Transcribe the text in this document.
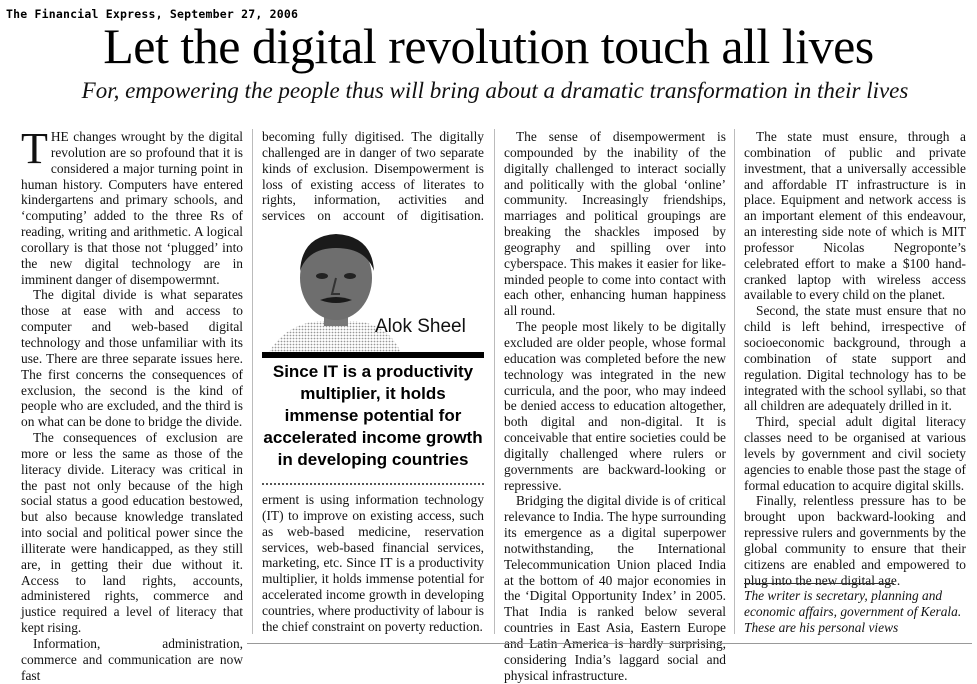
The Financial Express, September 27, 2006
Let the digital revolution touch all lives
For, empowering the people thus will bring about a dramatic transformation in their lives

THE changes wrought by the digital revolution are so profound that it is considered a major turning point in human history. Computers have entered kindergartens and primary schools, and ‘computing’ added to the three Rs of reading, writing and arithmetic. A logical corollary is that those not ‘plugged’ into the new digital technology are in imminent danger of disempowermnt.

The digital divide is what separates those at ease with and access to computer and web-based digital technology and those unfamiliar with its use. There are three separate issues here. The first concerns the consequences of exclusion, the second is the kind of people who are excluded, and the third is on what can be done to bridge the divide.

The consequences of exclusion are more or less the same as those of the literacy divide. Literacy was critical in the past not only because of the high social status a good education bestowed, but also because knowledge translated into social and political power since the illiterate were handicapped, as they still are, in getting their due without it. Access to land rights, accounts, administered rights, commerce and justice required a level of literacy that kept rising.

Information, administration, commerce and communication are now fast

becoming fully digitised. The digitally challenged are in danger of two separate kinds of exclusion. Disempowerment is loss of existing access of literates to rights, information, activities and services on account of digitisation.

Alok Sheel
Since IT is a productivity multiplier, it holds immense potential for accelerated income growth in developing countries

erment is using information technology (IT) to improve on existing access, such as web-based medicine, reservation services, web-based financial services, marketing, etc. Since IT is a productivity multiplier, it holds immense potential for accelerated income growth in developing countries, where productivity of labour is the chief constraint on poverty reduction.

The sense of disempowerment is compounded by the inability of the digitally challenged to interact socially and politically with the global ‘online’ community. Increasingly friendships, marriages and political groupings are breaking the shackles imposed by geography and spilling over into cyberspace. This makes it easier for like-minded people to come into contact with each other, enhancing human happiness all round.

The people most likely to be digitally excluded are older people, whose formal education was completed before the new technology was integrated in the new curricula, and the poor, who may indeed be denied access to education altogether, both digital and non-digital. It is conceivable that entire societies could be digitally challenged where rulers or governments are backward-looking or repressive.

Bridging the digital divide is of critical relevance to India. The hype surrounding its emergence as a digital superpower notwithstanding, the International Telecommunication Union placed India at the bottom of 40 major economies in the ‘Digital Opportunity Index’ in 2005. That India is ranked below several countries in East Asia, Eastern Europe and Latin America is hardly surprising, considering India’s laggard social and physical infrastructure.

The state must ensure, through a combination of public and private investment, that a universally accessible and affordable IT infrastructure is in place. Equipment and network access is an important element of this endeavour, an interesting side note of which is MIT professor Nicolas Negroponte’s celebrated effort to make a $100 hand-cranked laptop with wireless access available to every child on the planet.

Second, the state must ensure that no child is left behind, irrespective of socioeconomic background, through a combination of state support and regulation. Digital technology has to be integrated with the school syllabi, so that all children are adequately drilled in it.

Third, special adult digital literacy classes need to be organised at various levels by government and civil society agencies to enable those past the stage of formal education to acquire digital skills.

Finally, relentless pressure has to be brought upon backward-looking and repressive rulers and governments by the global community to ensure that their citizens are enabled and empowered to plug into the new digital age.

The writer is secretary, planning and economic affairs, government of Kerala. These are his personal views
